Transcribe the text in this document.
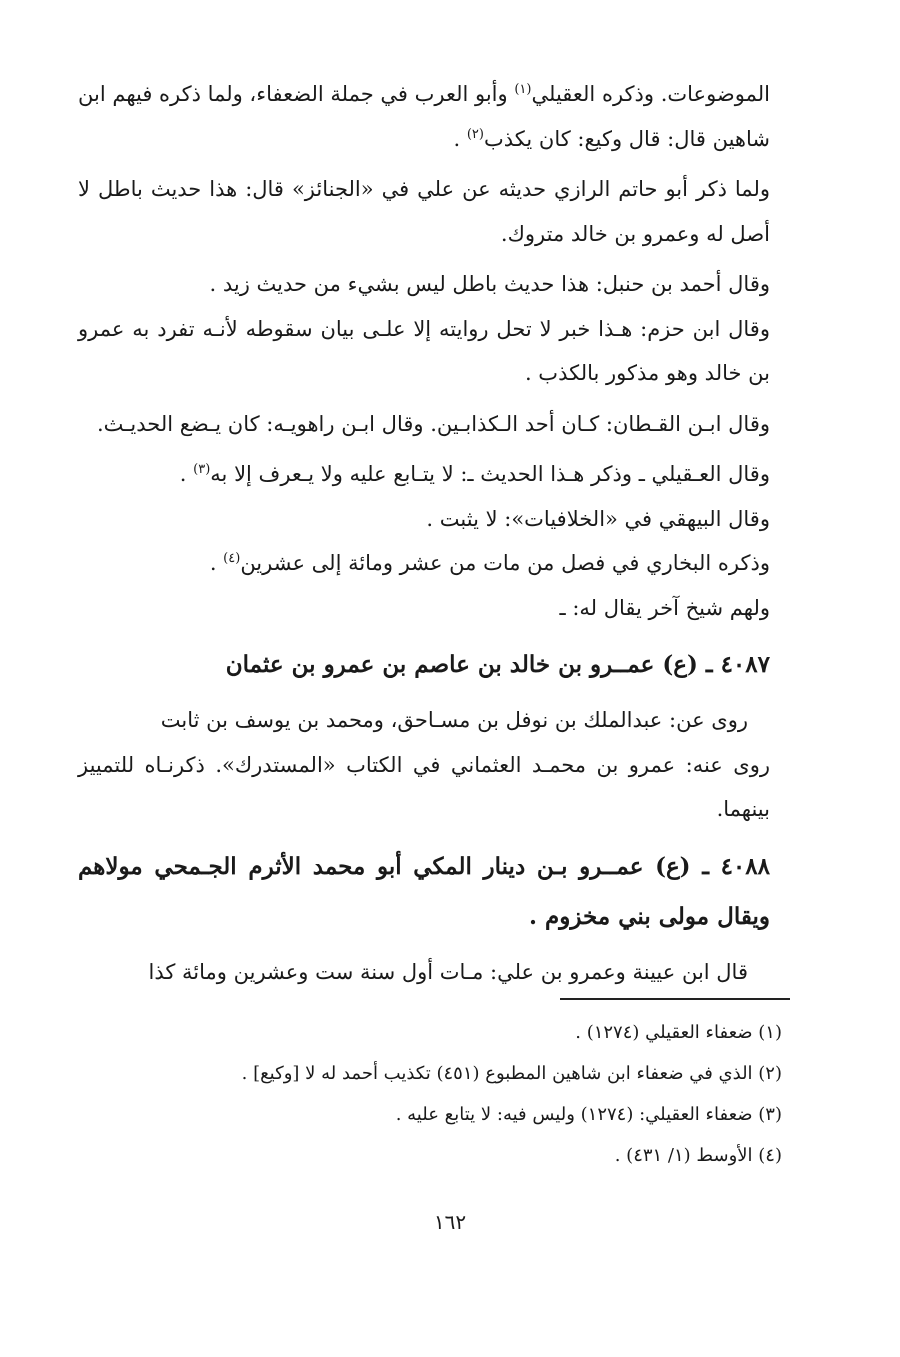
الموضوعات. وذكره العقيلي$^{(١)}$ وأبو العرب في جملة الضعفاء، ولما ذكره فيهم ابن شاهين قال: قال وكيع: كان يكذب$^{(٢)}$ .

ولما ذكر أبو حاتم الرازي حديثه عن علي في «الجنائز» قال: هذا حديث باطل لا أصل له وعمرو بن خالد متروك.

وقال أحمد بن حنبل: هذا حديث باطل ليس بشيء من حديث زيد .

وقال ابن حزم: هـذا خبر لا تحل روايته إلا علـى بيان سقوطه لأنـه تفرد به عمرو بن خالد وهو مذكور بالكذب .

وقال ابـن القـطان: كـان أحد الـكذابـين. وقال ابـن راهويـه: كان يـضع الحديـث.

وقال العـقيلي ـ وذكر هـذا الحديث ـ: لا يتـابع عليه ولا يـعرف إلا به$^{(٣)}$ .

وقال البيهقي في «الخلافيات»: لا يثبت .

وذكره البخاري في فصل من مات من عشر ومائة إلى عشرين$^{(٤)}$ .

ولهم شيخ آخر يقال له: ـ

٤٠٨٧ ـ (ع) عمــرو بن خالد بن عاصم بن عمرو بن عثمان

روى عن: عبدالملك بن نوفل بن مسـاحق، ومحمد بن يوسف بن ثابت

روى عنه: عمرو بن محمـد العثماني في الكتاب «المستدرك». ذكرنـاه للتمييز بينهما.

٤٠٨٨ ـ (ع) عمــرو بـن دينار المكي أبو محمد الأثرم الجـمحي مولاهم ويقال مولى بني مخزوم .

قال ابن عيينة وعمرو بن علي: مـات أول سنة ست وعشرين ومائة كذا

(١) ضعفاء العقيلي (١٢٧٤) .

(٢) الذي في ضعفاء ابن شاهين المطبوع (٤٥١) تكذيب أحمد له لا [وكيع] .

(٣) ضعفاء العقيلي: (١٢٧٤) وليس فيه: لا يتابع عليه .

(٤) الأوسط (١/ ٤٣١) .

١٦٢
